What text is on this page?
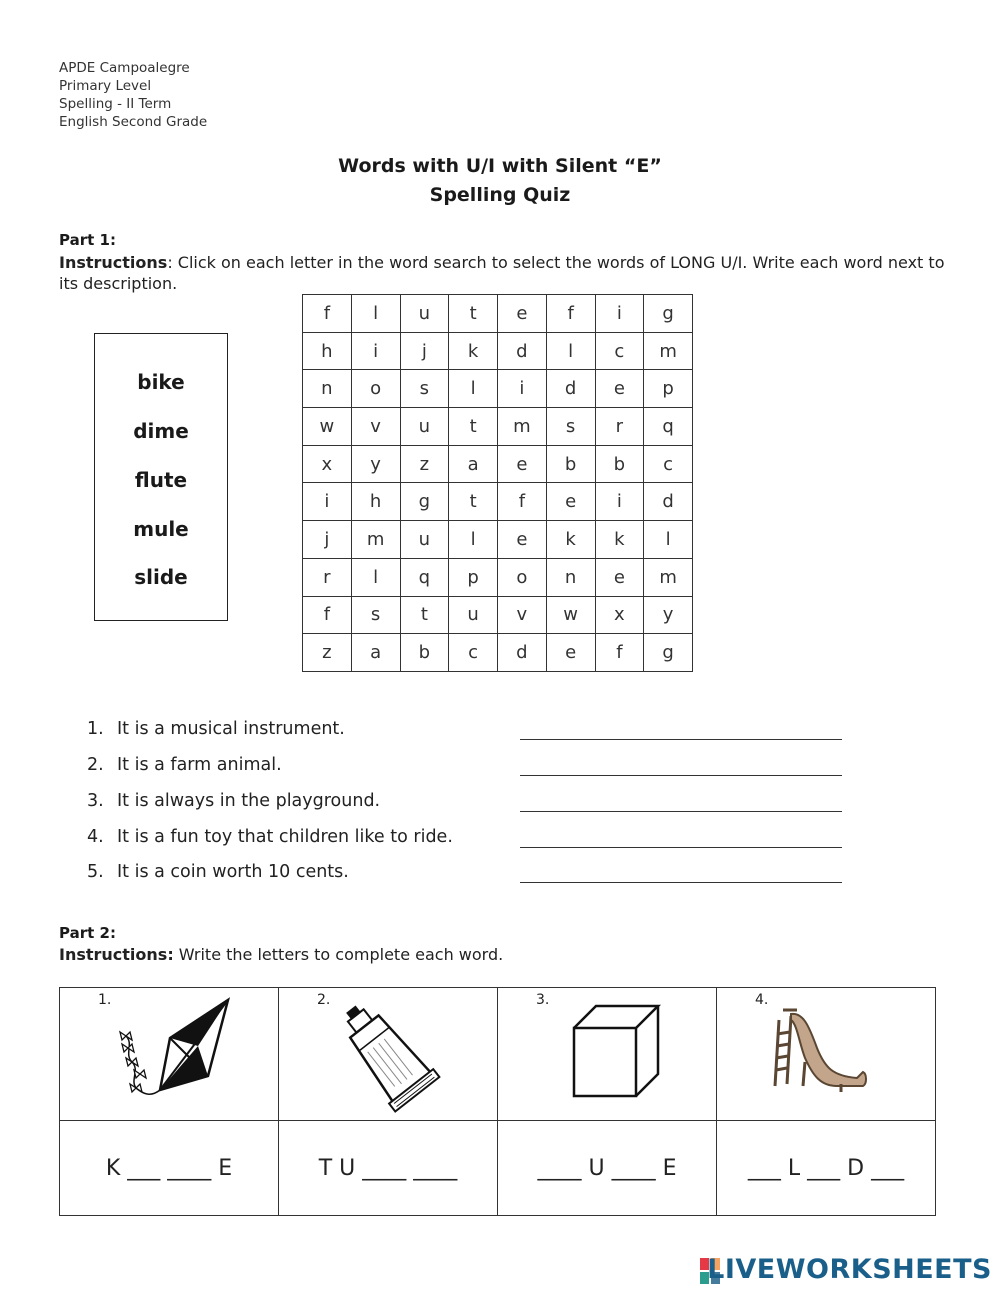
APDE Campoalegre
Primary Level
Spelling - II Term
English Second Grade
Words with U/I with Silent “E”
Spelling Quiz
Part 1:
Instructions: Click on each letter in the word search to select the words of LONG U/I. Write each word next to its description.
bike
dime
flute
mule
slide
f	l	u	t	e	f	i	g
h	i	j	k	d	l	c	m
n	o	s	l	i	d	e	p
w	v	u	t	m	s	r	q
x	y	z	a	e	b	b	c
i	h	g	t	f	e	i	d
j	m	u	l	e	k	k	l
r	l	q	p	o	n	e	m
f	s	t	u	v	w	x	y
z	a	b	c	d	e	f	g
1. It is a musical instrument.
2. It is a farm animal.
3. It is always in the playground.
4. It is a fun toy that children like to ride.
5. It is a coin worth 10 cents.
Part 2:
Instructions: Write the letters to complete each word.
1.	2.	3.	4.

K ___ ____ E	T U ____ ____	____ U ____ E	___ L ___ D ___
LIVEWORKSHEETS
